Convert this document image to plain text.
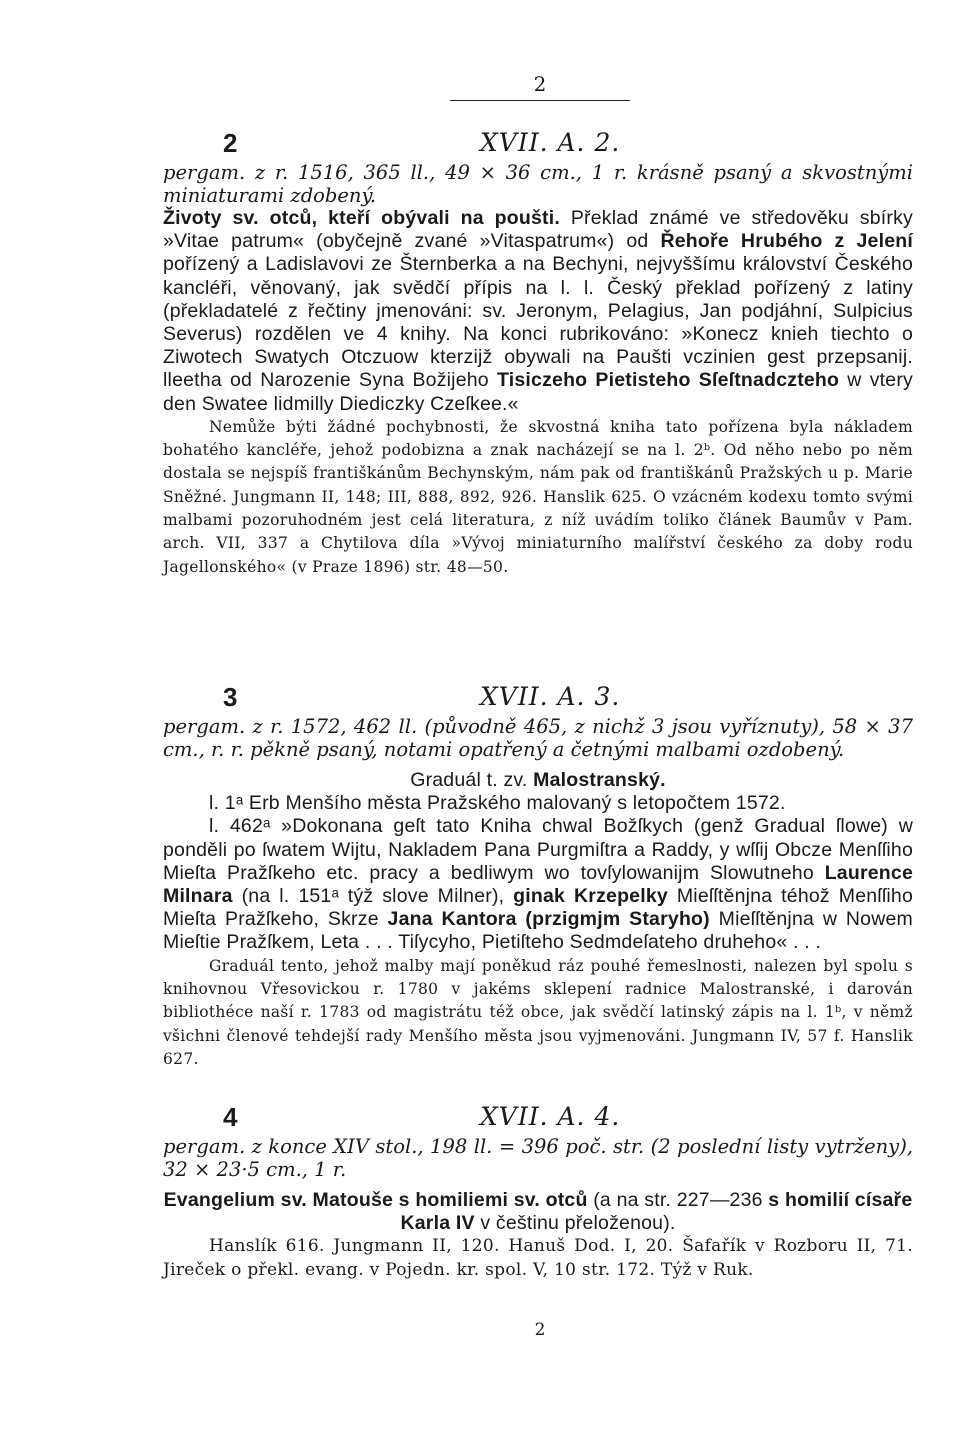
2
2	XVII. A. 2.

pergam. z r. 1516, 365 ll., 49 × 36 cm., 1 r. krásně psaný a skvostnými miniaturami zdobený.

Životy sv. otců, kteří obývali na poušti. Překlad známé ve středověku sbírky »Vitae patrum« (obyčejně zvané »Vitaspatrum«) od Řehoře Hrubého z Jelení pořízený a Ladislavovi ze Šternberka a na Bechyni, nejvyššímu království Českého kancléři, věnovaný, jak svědčí přípis na l. l. Český překlad pořízený z latiny (překladatelé z řečtiny jmenováni: sv. Jeronym, Pelagius, Jan podjáhní, Sulpicius Severus) rozdělen ve 4 knihy. Na konci rubrikováno: »Konecz knieh tiechto o Ziwotech Swatych Otczuow kterzijž obywali na Paušti vczinien gest przepsanij. lleetha od Narozenie Syna Božijeho Tisiczeho Pietisteho Sſeſtnadczteho w vtery den Swatee lidmilly Diediczky Czeſkee.«

Nemůže býti žádné pochybnosti, že skvostná kniha tato pořízena byla nákladem bohatého kancléře, jehož podobizna a znak nacházejí se na l. 2ᵇ. Od něho nebo po něm dostala se nejspíš františkánům Bechynským, nám pak od františkánů Pražských u p. Marie Sněžné. Jungmann II, 148; III, 888, 892, 926. Hanslik 625. O vzácném kodexu tomto svými malbami pozoruhodném jest celá literatura, z níž uvádím toliko článek Baumův v Pam. arch. VII, 337 a Chytilova díla »Vývoj miniaturního malířství českého za doby rodu Jagellonského« (v Praze 1896) str. 48—50.

3	XVII. A. 3.

pergam. z r. 1572, 462 ll. (původně 465, z nichž 3 jsou vyříznuty), 58 × 37 cm., r. r. pěkně psaný, notami opatřený a četnými malbami ozdobený.

Graduál t. zv. Malostranský.

l. 1ᵃ Erb Menšího města Pražského malovaný s letopočtem 1572.

l. 462ᵃ »Dokonana geſt tato Kniha chwal Božſkych (genž Gradual ſlowe) w ponděli po ſwatem Wijtu, Nakladem Pana Purgmiſtra a Raddy, y wſſij Obcze Menſſiho Mieſta Pražſkeho etc. pracy a bedliwym wo tovſylowanijm Slowutneho Laurence Milnara (na l. 151ᵃ týž slove Milner), ginak Krzepelky Mieſſtěnjna téhož Menſſiho Mieſta Pražſkeho, Skrze Jana Kantora (przigmjm Staryho) Mieſſtěnjna w Nowem Mieſtie Pražſkem, Leta . . . Tiſycyho, Pietiſteho Sedmdeſateho druheho« . . .

Graduál tento, jehož malby mají poněkud ráz pouhé řemeslnosti, nalezen byl spolu s knihovnou Vřesovickou r. 1780 v jakéms sklepení radnice Malostranské, i darován bibliothéce naší r. 1783 od magistrátu též obce, jak svědčí latinský zápis na l. 1ᵇ, v němž všichni členové tehdejší rady Menšího města jsou vyjmenováni. Jungmann IV, 57 f. Hanslik 627.

4	XVII. A. 4.

pergam. z konce XIV stol., 198 ll. = 396 poč. str. (2 poslední listy vytrženy), 32 × 23·5 cm., 1 r.

Evangelium sv. Matouše s homiliemi sv. otců (a na str. 227—236 s homilií císaře Karla IV v češtinu přeloženou).

Hanslík 616. Jungmann II, 120. Hanuš Dod. I, 20. Šafařík v Rozboru II, 71. Jireček o překl. evang. v Pojedn. kr. spol. V, 10 str. 172. Týž v Ruk.

2
